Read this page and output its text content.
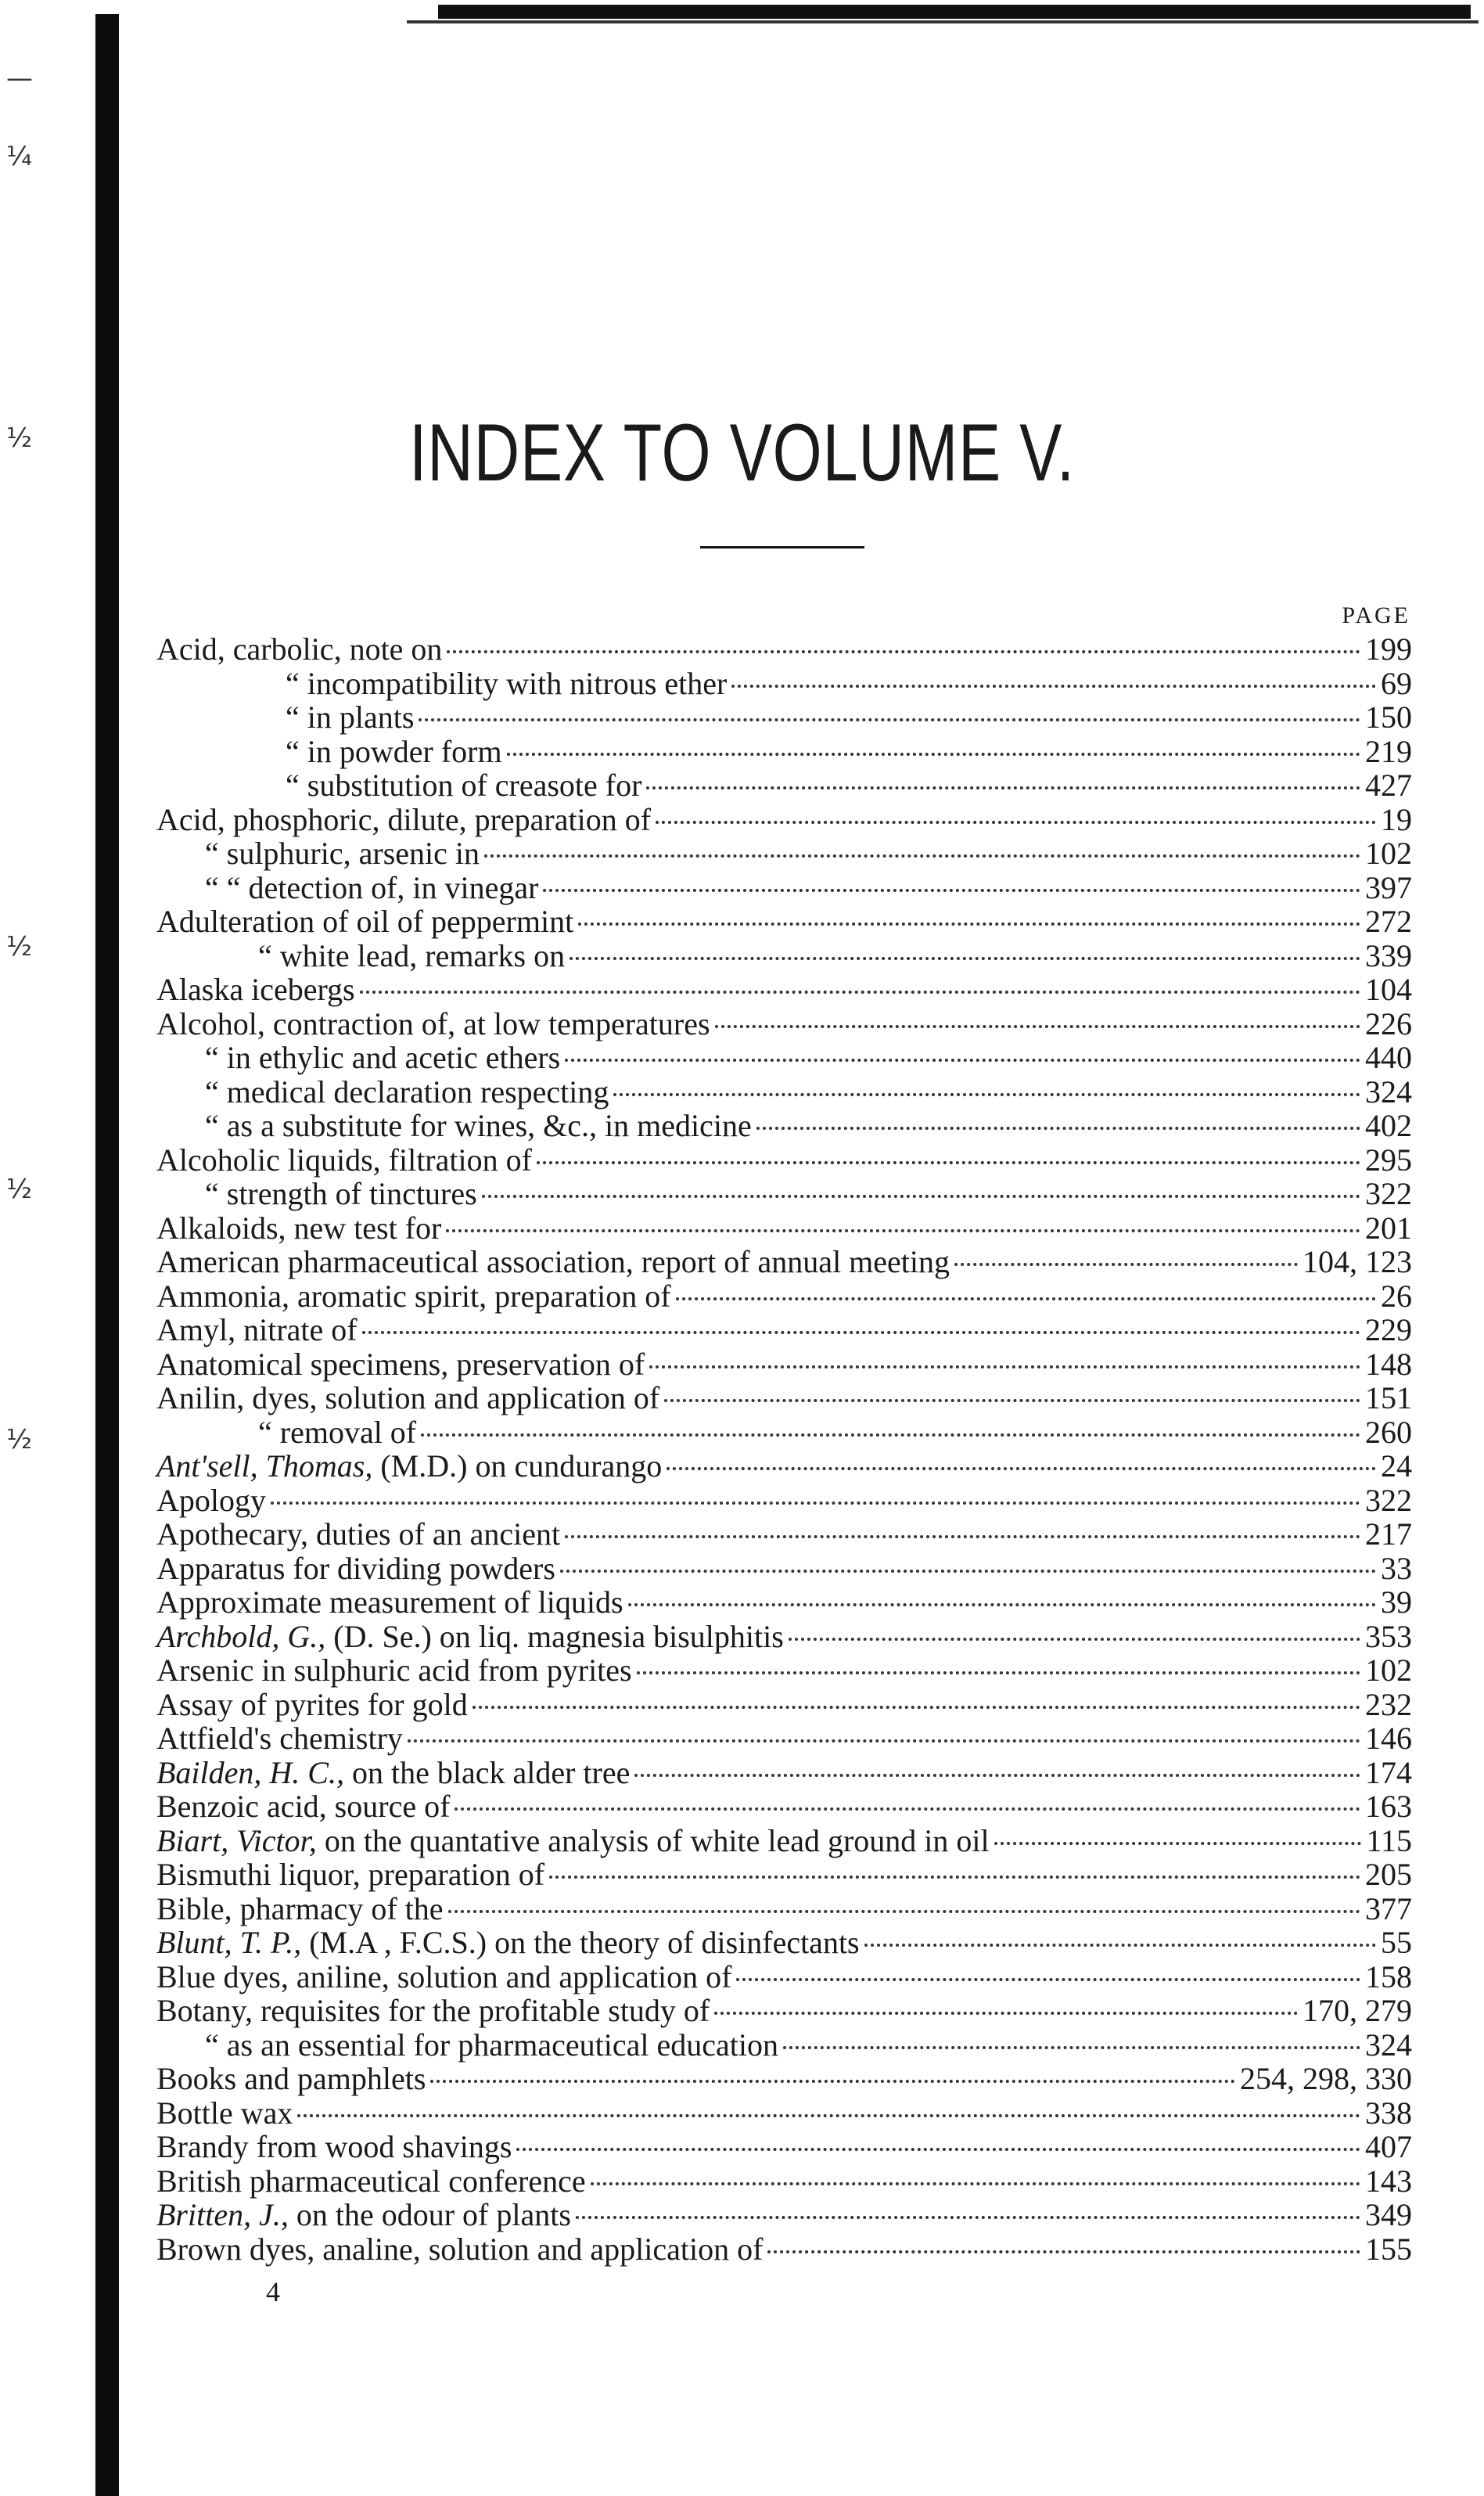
—
¼
½
½
½
½
INDEX TO VOLUME V.
PAGE
Acid, carbolic, note on	199
“ incompatibility with nitrous ether	69
“ in plants	150
“ in powder form	219
“ substitution of creasote for	427
Acid, phosphoric, dilute, preparation of	19
“ sulphuric, arsenic in	102
“ “ detection of, in vinegar	397
Adulteration of oil of peppermint	272
“ white lead, remarks on	339
Alaska icebergs	104
Alcohol, contraction of, at low temperatures	226
“ in ethylic and acetic ethers	440
“ medical declaration respecting	324
“ as a substitute for wines, &c., in medicine	402
Alcoholic liquids, filtration of	295
“ strength of tinctures	322
Alkaloids, new test for	201
American pharmaceutical association, report of annual meeting	104, 123
Ammonia, aromatic spirit, preparation of	26
Amyl, nitrate of	229
Anatomical specimens, preservation of	148
Anilin, dyes, solution and application of	151
“ removal of	260
Ant'sell, Thomas, (M.D.) on cundurango	24
Apology	322
Apothecary, duties of an ancient	217
Apparatus for dividing powders	33
Approximate measurement of liquids	39
Archbold, G., (D. Se.) on liq. magnesia bisulphitis	353
Arsenic in sulphuric acid from pyrites	102
Assay of pyrites for gold	232
Attfield's chemistry	146
Bailden, H. C., on the black alder tree	174
Benzoic acid, source of	163
Biart, Victor, on the quantative analysis of white lead ground in oil	115
Bismuthi liquor, preparation of	205
Bible, pharmacy of the	377
Blunt, T. P., (M.A , F.C.S.) on the theory of disinfectants	55
Blue dyes, aniline, solution and application of	158
Botany, requisites for the profitable study of	170, 279
“ as an essential for pharmaceutical education	324
Books and pamphlets	254, 298, 330
Bottle wax	338
Brandy from wood shavings	407
British pharmaceutical conference	143
Britten, J., on the odour of plants	349
Brown dyes, analine, solution and application of	155
4
